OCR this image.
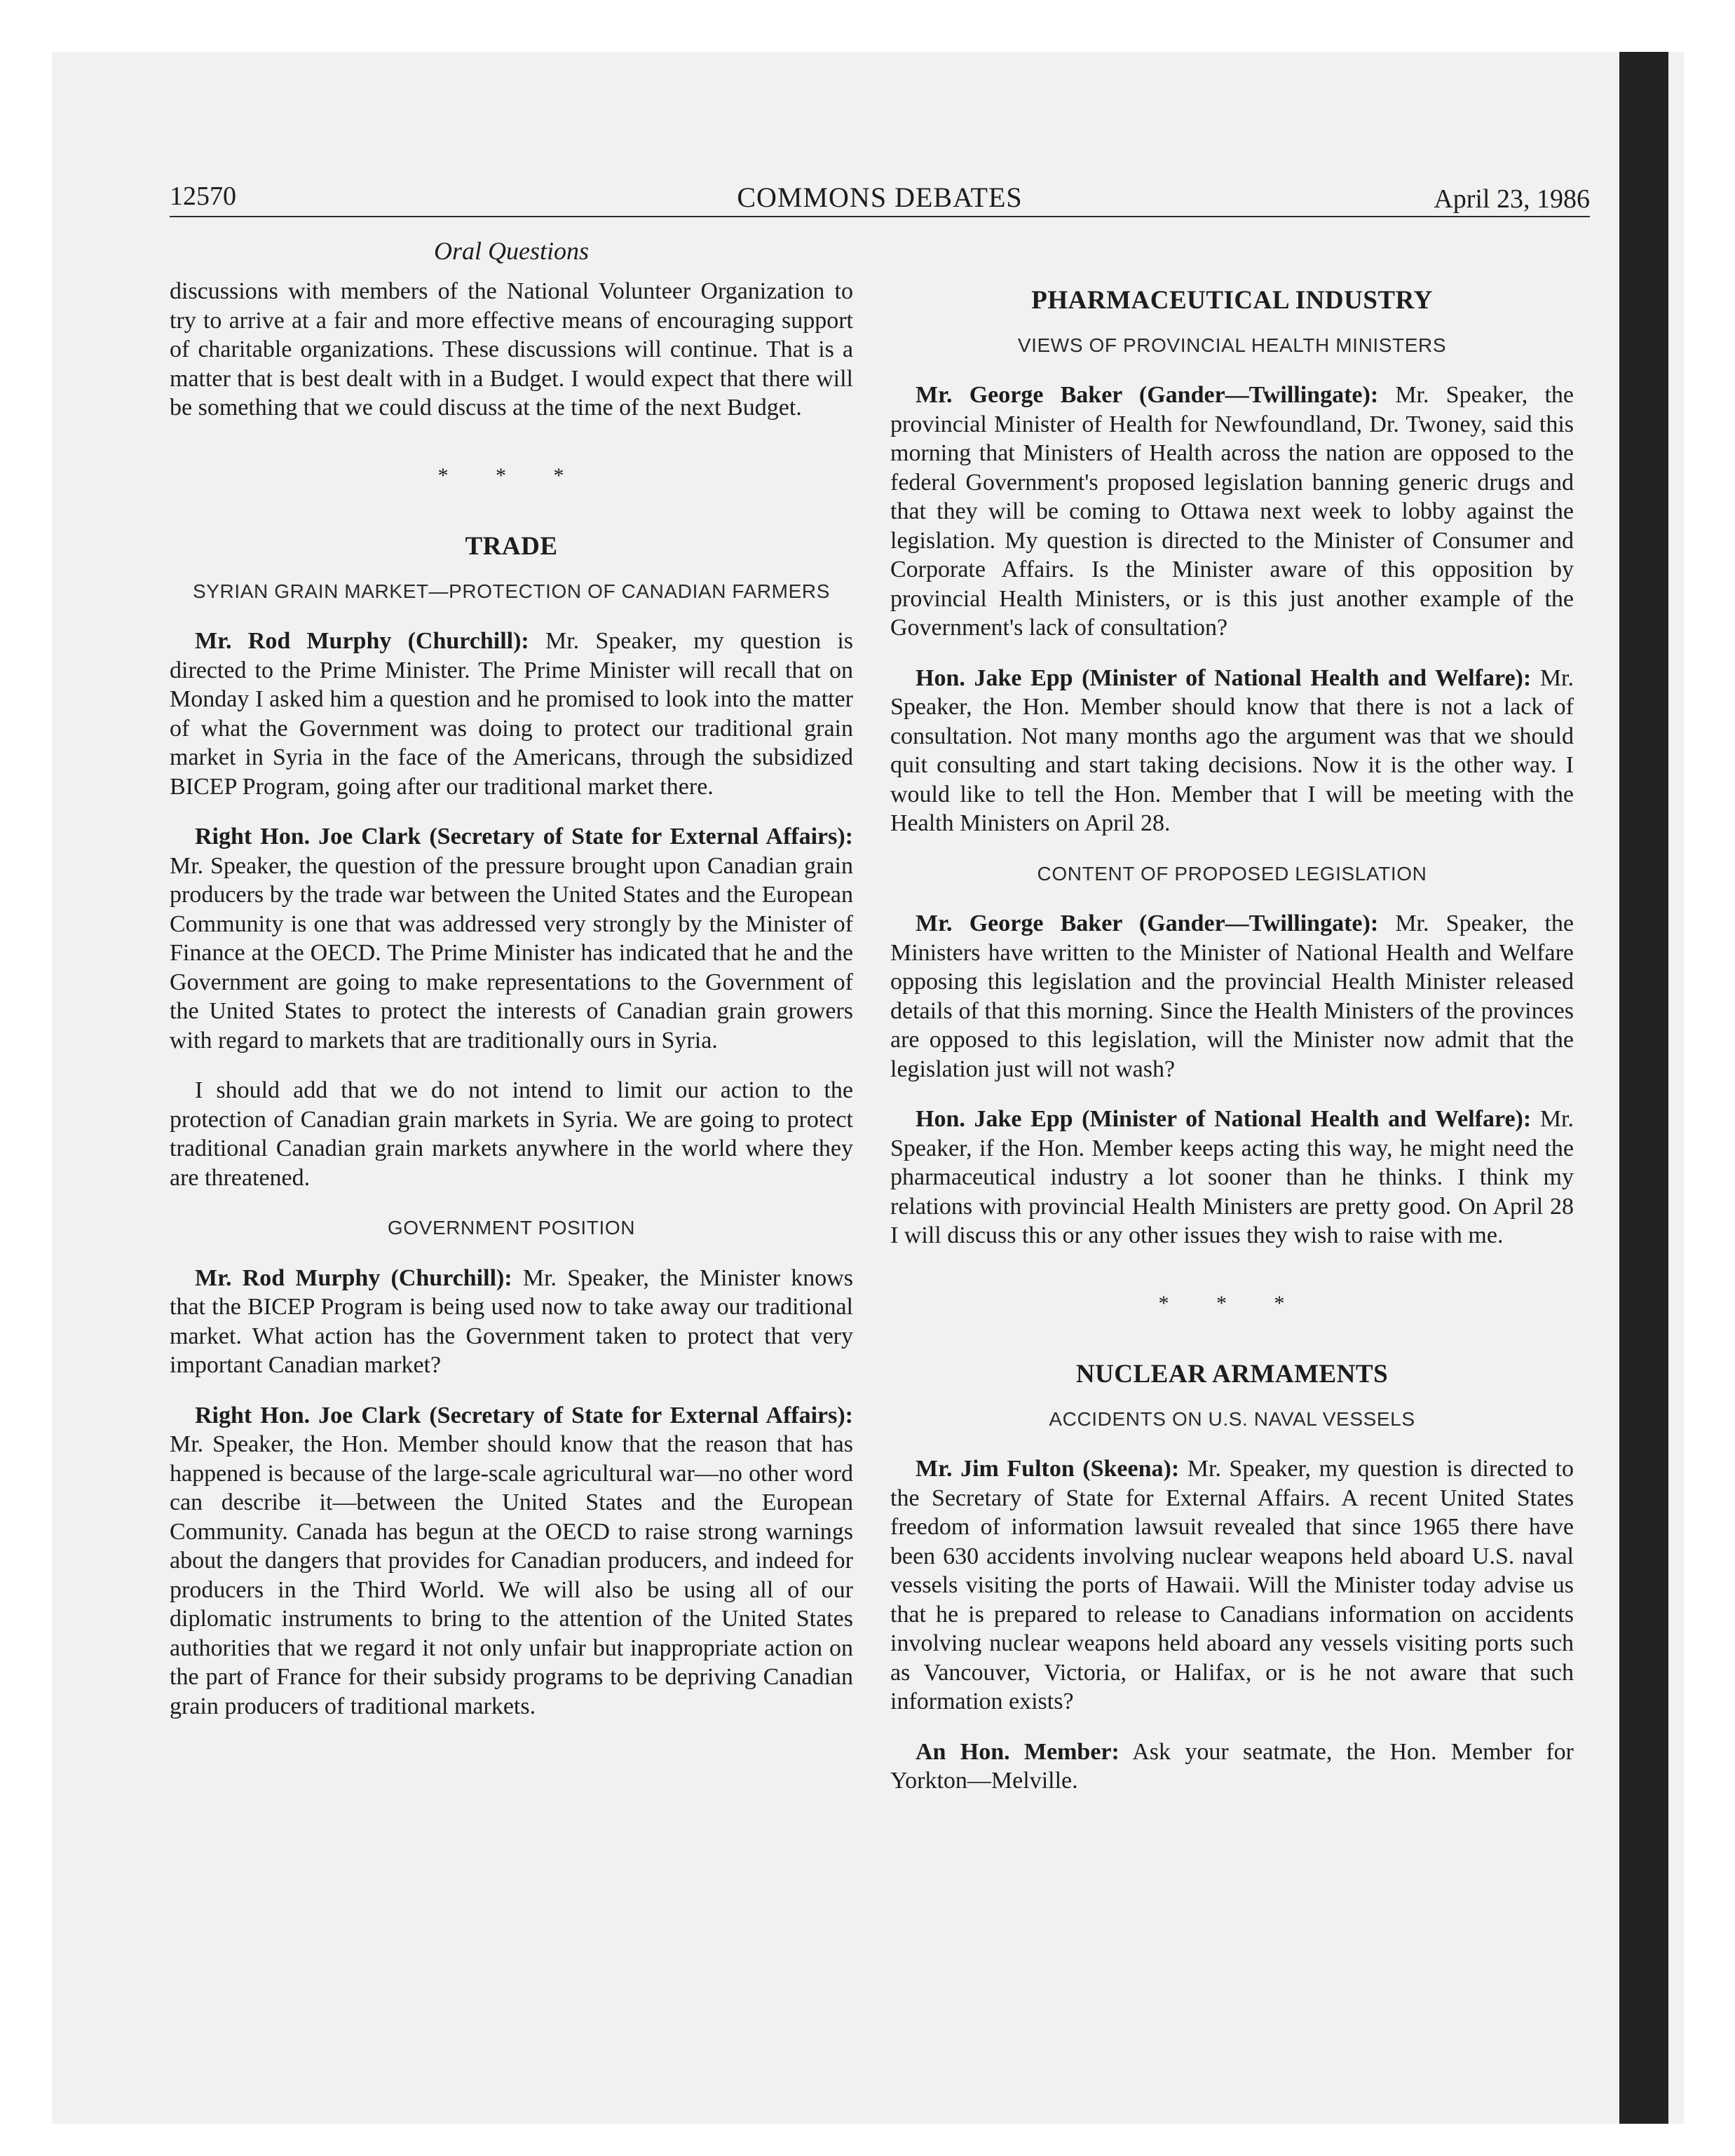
12570	COMMONS DEBATES	April 23, 1986
Oral Questions

discussions with members of the National Volunteer Organization to try to arrive at a fair and more effective means of encouraging support of charitable organizations. These discussions will continue. That is a matter that is best dealt with in a Budget. I would expect that there will be something that we could discuss at the time of the next Budget.

* * *
TRADE
SYRIAN GRAIN MARKET—PROTECTION OF CANADIAN FARMERS

Mr. Rod Murphy (Churchill): Mr. Speaker, my question is directed to the Prime Minister. The Prime Minister will recall that on Monday I asked him a question and he promised to look into the matter of what the Government was doing to protect our traditional grain market in Syria in the face of the Americans, through the subsidized BICEP Program, going after our traditional market there.

Right Hon. Joe Clark (Secretary of State for External Affairs): Mr. Speaker, the question of the pressure brought upon Canadian grain producers by the trade war between the United States and the European Community is one that was addressed very strongly by the Minister of Finance at the OECD. The Prime Minister has indicated that he and the Government are going to make representations to the Government of the United States to protect the interests of Canadian grain growers with regard to markets that are traditionally ours in Syria.

I should add that we do not intend to limit our action to the protection of Canadian grain markets in Syria. We are going to protect traditional Canadian grain markets anywhere in the world where they are threatened.

GOVERNMENT POSITION

Mr. Rod Murphy (Churchill): Mr. Speaker, the Minister knows that the BICEP Program is being used now to take away our traditional market. What action has the Government taken to protect that very important Canadian market?

Right Hon. Joe Clark (Secretary of State for External Affairs): Mr. Speaker, the Hon. Member should know that the reason that has happened is because of the large-scale agricultural war—no other word can describe it—between the United States and the European Community. Canada has begun at the OECD to raise strong warnings about the dangers that provides for Canadian producers, and indeed for producers in the Third World. We will also be using all of our diplomatic instruments to bring to the attention of the United States authorities that we regard it not only unfair but inappropriate action on the part of France for their subsidy programs to be depriving Canadian grain producers of traditional markets.

PHARMACEUTICAL INDUSTRY
VIEWS OF PROVINCIAL HEALTH MINISTERS

Mr. George Baker (Gander—Twillingate): Mr. Speaker, the provincial Minister of Health for Newfoundland, Dr. Twoney, said this morning that Ministers of Health across the nation are opposed to the federal Government's proposed legislation banning generic drugs and that they will be coming to Ottawa next week to lobby against the legislation. My question is directed to the Minister of Consumer and Corporate Affairs. Is the Minister aware of this opposition by provincial Health Ministers, or is this just another example of the Government's lack of consultation?

Hon. Jake Epp (Minister of National Health and Welfare): Mr. Speaker, the Hon. Member should know that there is not a lack of consultation. Not many months ago the argument was that we should quit consulting and start taking decisions. Now it is the other way. I would like to tell the Hon. Member that I will be meeting with the Health Ministers on April 28.

CONTENT OF PROPOSED LEGISLATION

Mr. George Baker (Gander—Twillingate): Mr. Speaker, the Ministers have written to the Minister of National Health and Welfare opposing this legislation and the provincial Health Minister released details of that this morning. Since the Health Ministers of the provinces are opposed to this legislation, will the Minister now admit that the legislation just will not wash?

Hon. Jake Epp (Minister of National Health and Welfare): Mr. Speaker, if the Hon. Member keeps acting this way, he might need the pharmaceutical industry a lot sooner than he thinks. I think my relations with provincial Health Ministers are pretty good. On April 28 I will discuss this or any other issues they wish to raise with me.

* * *
NUCLEAR ARMAMENTS
ACCIDENTS ON U.S. NAVAL VESSELS

Mr. Jim Fulton (Skeena): Mr. Speaker, my question is directed to the Secretary of State for External Affairs. A recent United States freedom of information lawsuit revealed that since 1965 there have been 630 accidents involving nuclear weapons held aboard U.S. naval vessels visiting the ports of Hawaii. Will the Minister today advise us that he is prepared to release to Canadians information on accidents involving nuclear weapons held aboard any vessels visiting ports such as Vancouver, Victoria, or Halifax, or is he not aware that such information exists?

An Hon. Member: Ask your seatmate, the Hon. Member for Yorkton—Melville.
